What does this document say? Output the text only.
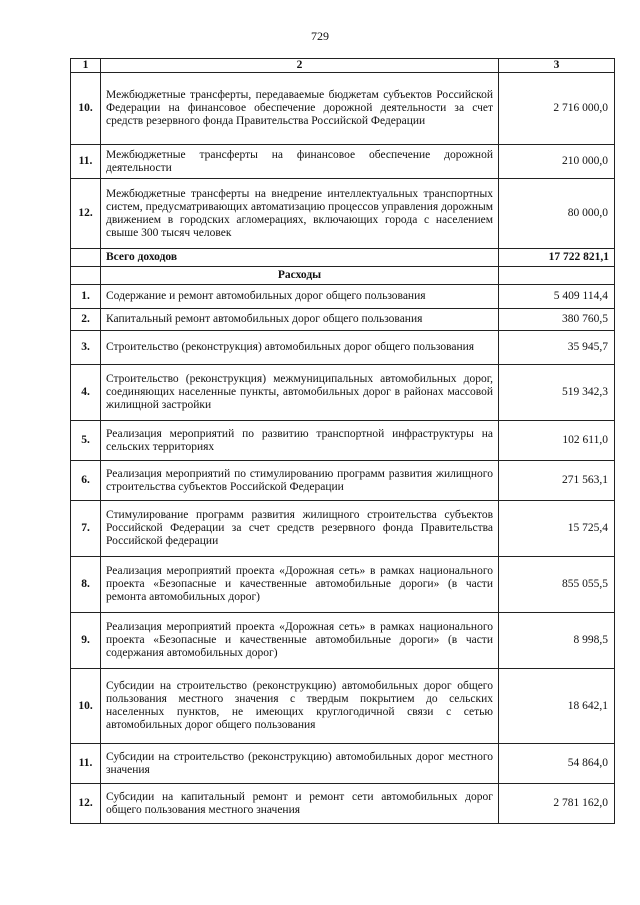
729
1	2	3
10.	Межбюджетные трансферты, передаваемые бюджетам субъектов Российской Федерации на финансовое обеспечение дорожной деятельности за счет средств резервного фонда Правительства Российской Федерации	2 716 000,0
11.	Межбюджетные трансферты на финансовое обеспечение дорожной деятельности	210 000,0
12.	Межбюджетные трансферты на внедрение интеллектуальных транспортных систем, предусматривающих автоматизацию процессов управления дорожным движением в городских агломерациях, включающих города с населением свыше 300 тысяч человек	80 000,0
	Всего доходов	17 722 821,1
	Расходы	
1.	Содержание и ремонт автомобильных дорог общего пользования	5 409 114,4
2.	Капитальный ремонт автомобильных дорог общего пользования	380 760,5
3.	Строительство (реконструкция) автомобильных дорог общего пользования	35 945,7
4.	Строительство (реконструкция) межмуниципальных автомобильных дорог, соединяющих населенные пункты, автомобильных дорог в районах массовой жилищной застройки	519 342,3
5.	Реализация мероприятий по развитию транспортной инфраструктуры на сельских территориях	102 611,0
6.	Реализация мероприятий по стимулированию программ развития жилищного строительства субъектов Российской Федерации	271 563,1
7.	Стимулирование программ развития жилищного строительства субъектов Российской Федерации за счет средств резервного фонда Правительства Российской федерации	15 725,4
8.	Реализация мероприятий проекта «Дорожная сеть» в рамках национального проекта «Безопасные и качественные автомобильные дороги» (в части ремонта автомобильных дорог)	855 055,5
9.	Реализация мероприятий проекта «Дорожная сеть» в рамках национального проекта «Безопасные и качественные автомобильные дороги» (в части содержания автомобильных дорог)	8 998,5
10.	Субсидии на строительство (реконструкцию) автомобильных дорог общего пользования местного значения с твердым покрытием до сельских населенных пунктов, не имеющих круглогодичной связи с сетью автомобильных дорог общего пользования	18 642,1
11.	Субсидии на строительство (реконструкцию) автомобильных дорог местного значения	54 864,0
12.	Субсидии на капитальный ремонт и ремонт сети автомобильных дорог общего пользования местного значения	2 781 162,0
